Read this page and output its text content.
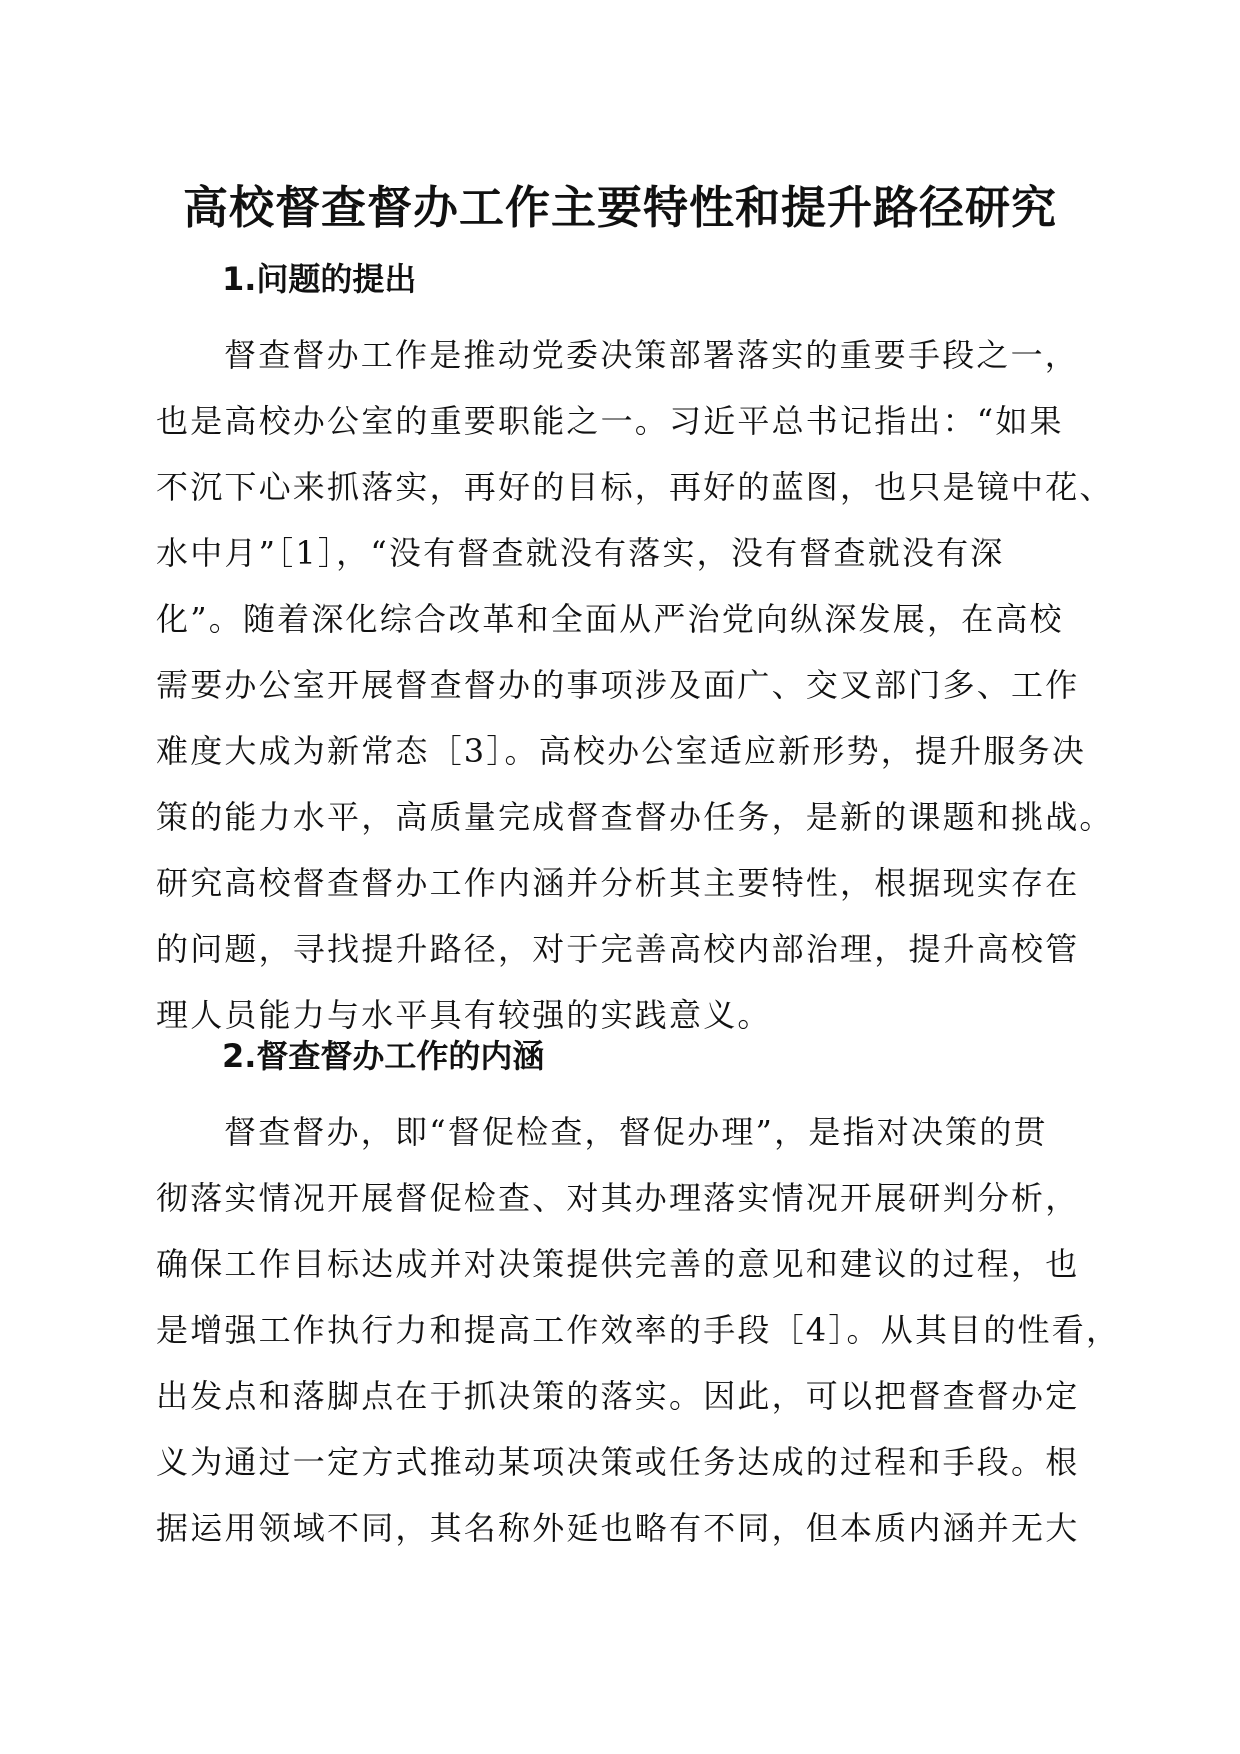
高校督查督办工作主要特性和提升路径研究
1.问题的提出
督查督办工作是推动党委决策部署落实的重要手段之一，
也是高校办公室的重要职能之一。习近平总书记指出：“如果
不沉下心来抓落实，再好的目标，再好的蓝图，也只是镜中花、
水中月”［1］，“没有督查就没有落实，没有督查就没有深
化”。随着深化综合改革和全面从严治党向纵深发展，在高校
需要办公室开展督查督办的事项涉及面广、交叉部门多、工作
难度大成为新常态［3］。高校办公室适应新形势，提升服务决
策的能力水平，高质量完成督查督办任务，是新的课题和挑战。
研究高校督查督办工作内涵并分析其主要特性，根据现实存在
的问题，寻找提升路径，对于完善高校内部治理，提升高校管
理人员能力与水平具有较强的实践意义。
2.督查督办工作的内涵
督查督办，即“督促检查，督促办理”，是指对决策的贯
彻落实情况开展督促检查、对其办理落实情况开展研判分析，
确保工作目标达成并对决策提供完善的意见和建议的过程，也
是增强工作执行力和提高工作效率的手段［4］。从其目的性看，
出发点和落脚点在于抓决策的落实。因此，可以把督查督办定
义为通过一定方式推动某项决策或任务达成的过程和手段。根
据运用领域不同，其名称外延也略有不同，但本质内涵并无大
